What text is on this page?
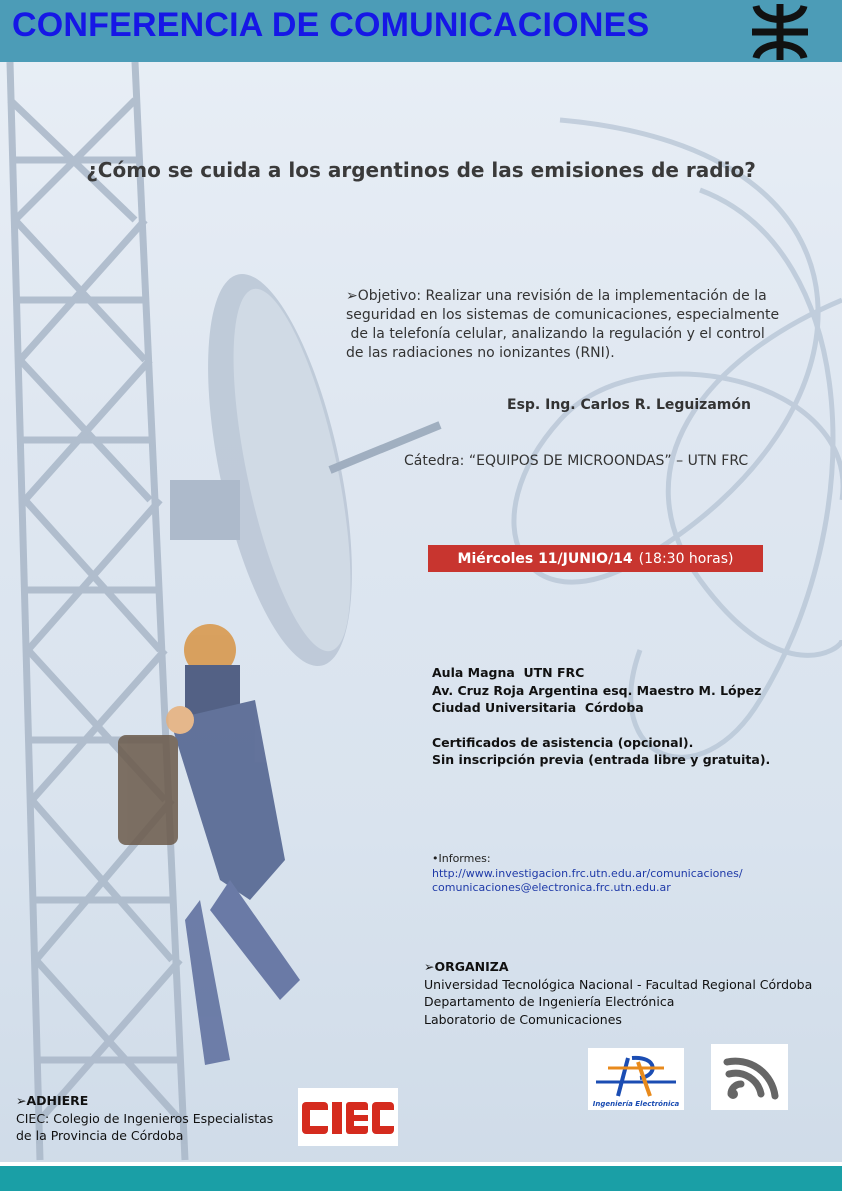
CONFERENCIA DE COMUNICACIONES
¿Cómo se cuida a los argentinos de las emisiones de radio?
➢Objetivo: Realizar una revisión de la implementación de la
seguridad en los sistemas de comunicaciones, especialmente
de la telefonía celular, analizando la regulación y el control
de las radiaciones no ionizantes (RNI).
Esp. Ing. Carlos R. Leguizamón
Cátedra: “EQUIPOS DE MICROONDAS” – UTN FRC
Miércoles 11/JUNIO/14 (18:30 horas)
Aula Magna  UTN FRC
Av. Cruz Roja Argentina esq. Maestro M. López
Ciudad Universitaria  Córdoba
Certificados de asistencia (opcional).
Sin inscripción previa (entrada libre y gratuita).
•Informes:
http://www.investigacion.frc.utn.edu.ar/comunicaciones/
comunicaciones@electronica.frc.utn.edu.ar
➢ORGANIZA
Universidad Tecnológica Nacional - Facultad Regional Córdoba
Departamento de Ingeniería Electrónica
Laboratorio de Comunicaciones
Ingeniería Electrónica
➢ADHIERE
CIEC: Colegio de Ingenieros Especialistas
de la Provincia de Córdoba
